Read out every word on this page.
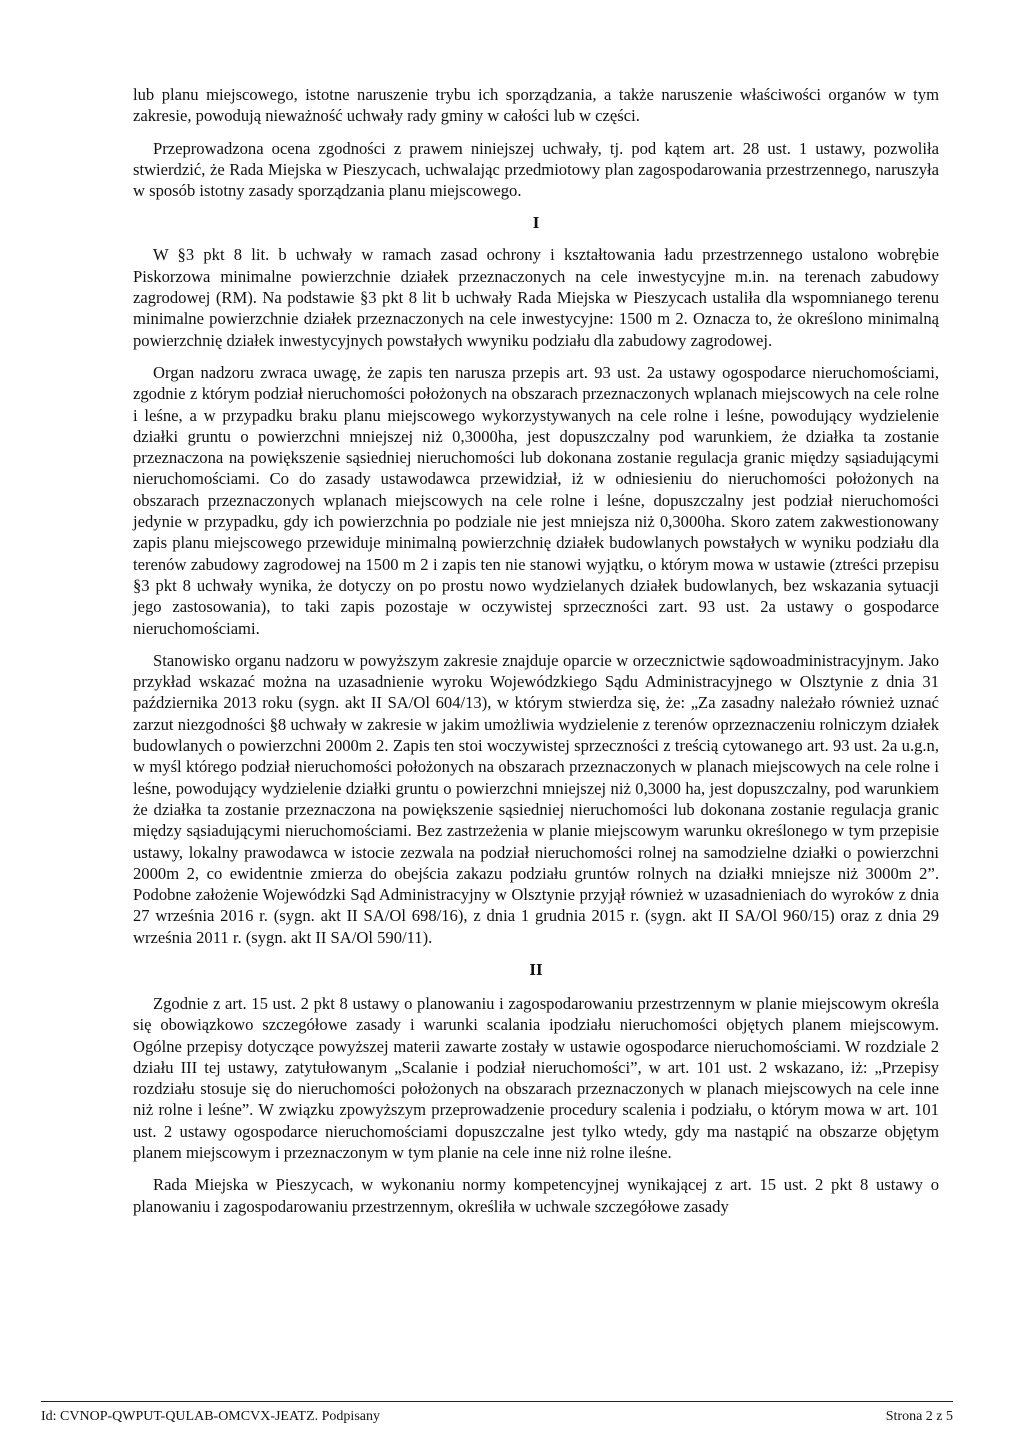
lub planu miejscowego, istotne naruszenie trybu ich sporządzania, a także naruszenie właściwości organów w tym zakresie, powodują nieważność uchwały rady gminy w całości lub w części.

Przeprowadzona ocena zgodności z prawem niniejszej uchwały, tj. pod kątem art. 28 ust. 1 ustawy, pozwoliła stwierdzić, że Rada Miejska w Pieszycach, uchwalając przedmiotowy plan zagospodarowania przestrzennego, naruszyła w sposób istotny zasady sporządzania planu miejscowego.

I

W §3 pkt 8 lit. b uchwały w ramach zasad ochrony i kształtowania ładu przestrzennego ustalono wobrębie Piskorzowa minimalne powierzchnie działek przeznaczonych na cele inwestycyjne m.in. na terenach zabudowy zagrodowej (RM). Na podstawie §3 pkt 8 lit b uchwały Rada Miejska w Pieszycach ustaliła dla wspomnianego terenu minimalne powierzchnie działek przeznaczonych na cele inwestycyjne: 1500 m 2. Oznacza to, że określono minimalną powierzchnię działek inwestycyjnych powstałych wwyniku podziału dla zabudowy zagrodowej.

Organ nadzoru zwraca uwagę, że zapis ten narusza przepis art. 93 ust. 2a ustawy ogospodarce nieruchomościami, zgodnie z którym podział nieruchomości położonych na obszarach przeznaczonych wplanach miejscowych na cele rolne i leśne, a w przypadku braku planu miejscowego wykorzystywanych na cele rolne i leśne, powodujący wydzielenie działki gruntu o powierzchni mniejszej niż 0,3000ha, jest dopuszczalny pod warunkiem, że działka ta zostanie przeznaczona na powiększenie sąsiedniej nieruchomości lub dokonana zostanie regulacja granic między sąsiadującymi nieruchomościami. Co do zasady ustawodawca przewidział, iż w odniesieniu do nieruchomości położonych na obszarach przeznaczonych wplanach miejscowych na cele rolne i leśne, dopuszczalny jest podział nieruchomości jedynie w przypadku, gdy ich powierzchnia po podziale nie jest mniejsza niż 0,3000ha. Skoro zatem zakwestionowany zapis planu miejscowego przewiduje minimalną powierzchnię działek budowlanych powstałych w wyniku podziału dla terenów zabudowy zagrodowej na 1500 m 2 i zapis ten nie stanowi wyjątku, o którym mowa w ustawie (ztreści przepisu §3 pkt 8 uchwały wynika, że dotyczy on po prostu nowo wydzielanych działek budowlanych, bez wskazania sytuacji jego zastosowania), to taki zapis pozostaje w oczywistej sprzeczności zart. 93 ust. 2a ustawy o gospodarce nieruchomościami.

Stanowisko organu nadzoru w powyższym zakresie znajduje oparcie w orzecznictwie sądowoadministracyjnym. Jako przykład wskazać można na uzasadnienie wyroku Wojewódzkiego Sądu Administracyjnego w Olsztynie z dnia 31 października 2013 roku (sygn. akt II SA/Ol 604/13), w którym stwierdza się, że: „Za zasadny należało również uznać zarzut niezgodności §8 uchwały w zakresie w jakim umożliwia wydzielenie z terenów oprzeznaczeniu rolniczym działek budowlanych o powierzchni 2000m 2. Zapis ten stoi woczywistej sprzeczności z treścią cytowanego art. 93 ust. 2a u.g.n, w myśl którego podział nieruchomości położonych na obszarach przeznaczonych w planach miejscowych na cele rolne i leśne, powodujący wydzielenie działki gruntu o powierzchni mniejszej niż 0,3000 ha, jest dopuszczalny, pod warunkiem że działka ta zostanie przeznaczona na powiększenie sąsiedniej nieruchomości lub dokonana zostanie regulacja granic między sąsiadującymi nieruchomościami. Bez zastrzeżenia w planie miejscowym warunku określonego w tym przepisie ustawy, lokalny prawodawca w istocie zezwala na podział nieruchomości rolnej na samodzielne działki o powierzchni 2000m 2, co ewidentnie zmierza do obejścia zakazu podziału gruntów rolnych na działki mniejsze niż 3000m 2”. Podobne założenie Wojewódzki Sąd Administracyjny w Olsztynie przyjął również w uzasadnieniach do wyroków z dnia 27 września 2016 r. (sygn. akt II SA/Ol 698/16), z dnia 1 grudnia 2015 r. (sygn. akt II SA/Ol 960/15) oraz z dnia 29 września 2011 r. (sygn. akt II SA/Ol 590/11).

II

Zgodnie z art. 15 ust. 2 pkt 8 ustawy o planowaniu i zagospodarowaniu przestrzennym w planie miejscowym określa się obowiązkowo szczegółowe zasady i warunki scalania ipodziału nieruchomości objętych planem miejscowym. Ogólne przepisy dotyczące powyższej materii zawarte zostały w ustawie ogospodarce nieruchomościami. W rozdziale 2 działu III tej ustawy, zatytułowanym „Scalanie i podział nieruchomości”, w art. 101 ust. 2 wskazano, iż: „Przepisy rozdziału stosuje się do nieruchomości położonych na obszarach przeznaczonych w planach miejscowych na cele inne niż rolne i leśne”. W związku zpowyższym przeprowadzenie procedury scalenia i podziału, o którym mowa w art. 101 ust. 2 ustawy ogospodarce nieruchomościami dopuszczalne jest tylko wtedy, gdy ma nastąpić na obszarze objętym planem miejscowym i przeznaczonym w tym planie na cele inne niż rolne ileśne.

Rada Miejska w Pieszycach, w wykonaniu normy kompetencyjnej wynikającej z art. 15 ust. 2 pkt 8 ustawy o planowaniu i zagospodarowaniu przestrzennym, określiła w uchwale szczegółowe zasady

Id: CVNOP-QWPUT-QULAB-OMCVX-JEATZ. Podpisany	Strona 2 z 5
